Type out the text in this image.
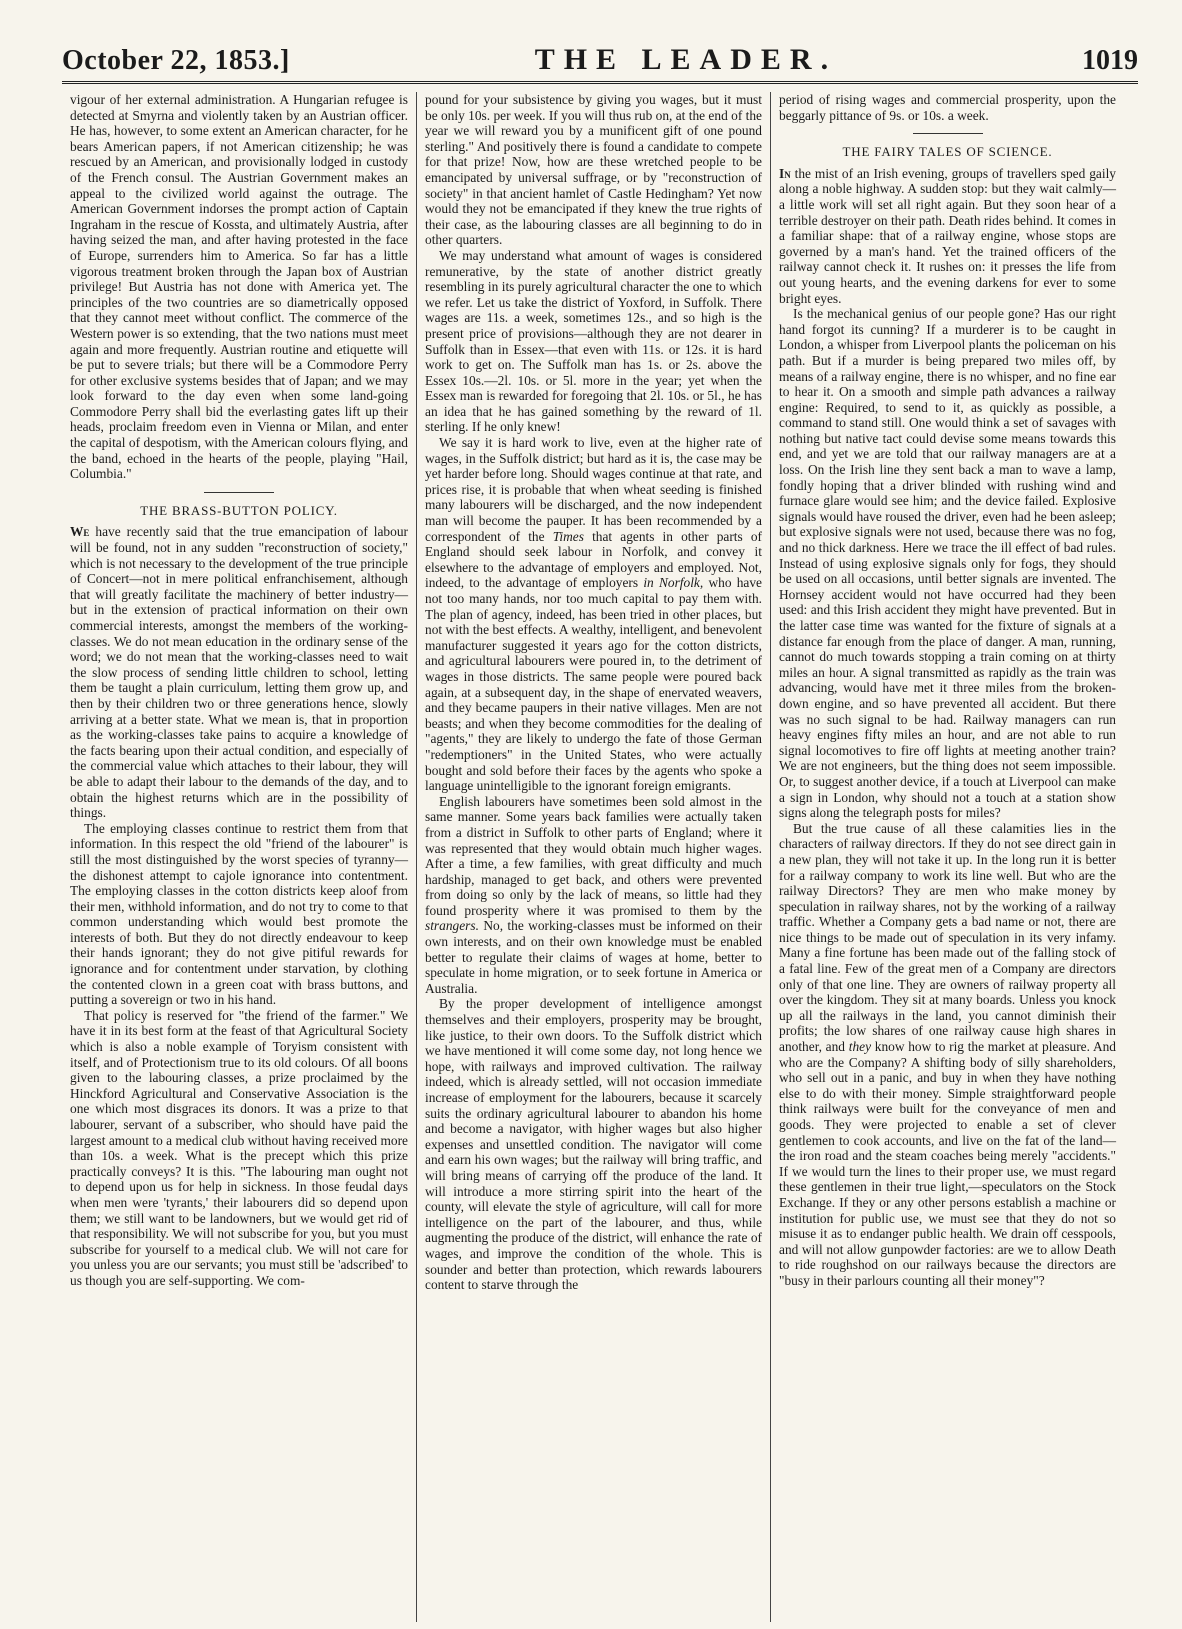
October 22, 1853.]	THE LEADER.	1019

vigour of her external administration. A Hungarian refugee is detected at Smyrna and violently taken by an Austrian officer. He has, however, to some extent an American character, for he bears American papers, if not American citizenship; he was rescued by an American, and provisionally lodged in custody of the French consul. The Austrian Government makes an appeal to the civilized world against the outrage. The American Government indorses the prompt action of Captain Ingraham in the rescue of Kossta, and ultimately Austria, after having seized the man, and after having protested in the face of Europe, surrenders him to America. So far has a little vigorous treatment broken through the Japan box of Austrian privilege! But Austria has not done with America yet. The principles of the two countries are so diametrically opposed that they cannot meet without conflict. The commerce of the Western power is so extending, that the two nations must meet again and more frequently. Austrian routine and etiquette will be put to severe trials; but there will be a Commodore Perry for other exclusive systems besides that of Japan; and we may look forward to the day even when some land-going Commodore Perry shall bid the everlasting gates lift up their heads, proclaim freedom even in Vienna or Milan, and enter the capital of despotism, with the American colours flying, and the band, echoed in the hearts of the people, playing "Hail, Columbia."

THE BRASS-BUTTON POLICY.

We have recently said that the true emancipation of labour will be found, not in any sudden "reconstruction of society," which is not necessary to the development of the true principle of Concert—not in mere political enfranchisement, although that will greatly facilitate the machinery of better industry—but in the extension of practical information on their own commercial interests, amongst the members of the working-classes. We do not mean education in the ordinary sense of the word; we do not mean that the working-classes need to wait the slow process of sending little children to school, letting them be taught a plain curriculum, letting them grow up, and then by their children two or three generations hence, slowly arriving at a better state. What we mean is, that in proportion as the working-classes take pains to acquire a knowledge of the facts bearing upon their actual condition, and especially of the commercial value which attaches to their labour, they will be able to adapt their labour to the demands of the day, and to obtain the highest returns which are in the possibility of things.

The employing classes continue to restrict them from that information. In this respect the old "friend of the labourer" is still the most distinguished by the worst species of tyranny—the dishonest attempt to cajole ignorance into contentment. The employing classes in the cotton districts keep aloof from their men, withhold information, and do not try to come to that common understanding which would best promote the interests of both. But they do not directly endeavour to keep their hands ignorant; they do not give pitiful rewards for ignorance and for contentment under starvation, by clothing the contented clown in a green coat with brass buttons, and putting a sovereign or two in his hand.

That policy is reserved for "the friend of the farmer." We have it in its best form at the feast of that Agricultural Society which is also a noble example of Toryism consistent with itself, and of Protectionism true to its old colours. Of all boons given to the labouring classes, a prize proclaimed by the Hinckford Agricultural and Conservative Association is the one which most disgraces its donors. It was a prize to that labourer, servant of a subscriber, who should have paid the largest amount to a medical club without having received more than 10s. a week. What is the precept which this prize practically conveys? It is this. "The labouring man ought not to depend upon us for help in sickness. In those feudal days when men were 'tyrants,' their labourers did so depend upon them; we still want to be landowners, but we would get rid of that responsibility. We will not subscribe for you, but you must subscribe for yourself to a medical club. We will not care for you unless you are our servants; you must still be 'adscribed' to us though you are self-supporting. We com-

pound for your subsistence by giving you wages, but it must be only 10s. per week. If you will thus rub on, at the end of the year we will reward you by a munificent gift of one pound sterling." And positively there is found a candidate to compete for that prize! Now, how are these wretched people to be emancipated by universal suffrage, or by "reconstruction of society" in that ancient hamlet of Castle Hedingham? Yet now would they not be emancipated if they knew the true rights of their case, as the labouring classes are all beginning to do in other quarters.

We may understand what amount of wages is considered remunerative, by the state of another district greatly resembling in its purely agricultural character the one to which we refer. Let us take the district of Yoxford, in Suffolk. There wages are 11s. a week, sometimes 12s., and so high is the present price of provisions—although they are not dearer in Suffolk than in Essex—that even with 11s. or 12s. it is hard work to get on. The Suffolk man has 1s. or 2s. above the Essex 10s.—2l. 10s. or 5l. more in the year; yet when the Essex man is rewarded for foregoing that 2l. 10s. or 5l., he has an idea that he has gained something by the reward of 1l. sterling. If he only knew!

We say it is hard work to live, even at the higher rate of wages, in the Suffolk district; but hard as it is, the case may be yet harder before long. Should wages continue at that rate, and prices rise, it is probable that when wheat seeding is finished many labourers will be discharged, and the now independent man will become the pauper. It has been recommended by a correspondent of the Times that agents in other parts of England should seek labour in Norfolk, and convey it elsewhere to the advantage of employers and employed. Not, indeed, to the advantage of employers in Norfolk, who have not too many hands, nor too much capital to pay them with. The plan of agency, indeed, has been tried in other places, but not with the best effects. A wealthy, intelligent, and benevolent manufacturer suggested it years ago for the cotton districts, and agricultural labourers were poured in, to the detriment of wages in those districts. The same people were poured back again, at a subsequent day, in the shape of enervated weavers, and they became paupers in their native villages. Men are not beasts; and when they become commodities for the dealing of "agents," they are likely to undergo the fate of those German "redemptioners" in the United States, who were actually bought and sold before their faces by the agents who spoke a language unintelligible to the ignorant foreign emigrants.

English labourers have sometimes been sold almost in the same manner. Some years back families were actually taken from a district in Suffolk to other parts of England; where it was represented that they would obtain much higher wages. After a time, a few families, with great difficulty and much hardship, managed to get back, and others were prevented from doing so only by the lack of means, so little had they found prosperity where it was promised to them by the strangers. No, the working-classes must be informed on their own interests, and on their own knowledge must be enabled better to regulate their claims of wages at home, better to speculate in home migration, or to seek fortune in America or Australia.

By the proper development of intelligence amongst themselves and their employers, prosperity may be brought, like justice, to their own doors. To the Suffolk district which we have mentioned it will come some day, not long hence we hope, with railways and improved cultivation. The railway indeed, which is already settled, will not occasion immediate increase of employment for the labourers, because it scarcely suits the ordinary agricultural labourer to abandon his home and become a navigator, with higher wages but also higher expenses and unsettled condition. The navigator will come and earn his own wages; but the railway will bring traffic, and will bring means of carrying off the produce of the land. It will introduce a more stirring spirit into the heart of the county, will elevate the style of agriculture, will call for more intelligence on the part of the labourer, and thus, while augmenting the produce of the district, will enhance the rate of wages, and improve the condition of the whole. This is sounder and better than protection, which rewards labourers content to starve through the

period of rising wages and commercial prosperity, upon the beggarly pittance of 9s. or 10s. a week.

THE FAIRY TALES OF SCIENCE.

In the mist of an Irish evening, groups of travellers sped gaily along a noble highway. A sudden stop: but they wait calmly—a little work will set all right again. But they soon hear of a terrible destroyer on their path. Death rides behind. It comes in a familiar shape: that of a railway engine, whose stops are governed by a man's hand. Yet the trained officers of the railway cannot check it. It rushes on: it presses the life from out young hearts, and the evening darkens for ever to some bright eyes.

Is the mechanical genius of our people gone? Has our right hand forgot its cunning? If a murderer is to be caught in London, a whisper from Liverpool plants the policeman on his path. But if a murder is being prepared two miles off, by means of a railway engine, there is no whisper, and no fine ear to hear it. On a smooth and simple path advances a railway engine: Required, to send to it, as quickly as possible, a command to stand still. One would think a set of savages with nothing but native tact could devise some means towards this end, and yet we are told that our railway managers are at a loss. On the Irish line they sent back a man to wave a lamp, fondly hoping that a driver blinded with rushing wind and furnace glare would see him; and the device failed. Explosive signals would have roused the driver, even had he been asleep; but explosive signals were not used, because there was no fog, and no thick darkness. Here we trace the ill effect of bad rules. Instead of using explosive signals only for fogs, they should be used on all occasions, until better signals are invented. The Hornsey accident would not have occurred had they been used: and this Irish accident they might have prevented. But in the latter case time was wanted for the fixture of signals at a distance far enough from the place of danger. A man, running, cannot do much towards stopping a train coming on at thirty miles an hour. A signal transmitted as rapidly as the train was advancing, would have met it three miles from the broken-down engine, and so have prevented all accident. But there was no such signal to be had. Railway managers can run heavy engines fifty miles an hour, and are not able to run signal locomotives to fire off lights at meeting another train? We are not engineers, but the thing does not seem impossible. Or, to suggest another device, if a touch at Liverpool can make a sign in London, why should not a touch at a station show signs along the telegraph posts for miles?

But the true cause of all these calamities lies in the characters of railway directors. If they do not see direct gain in a new plan, they will not take it up. In the long run it is better for a railway company to work its line well. But who are the railway Directors? They are men who make money by speculation in railway shares, not by the working of a railway traffic. Whether a Company gets a bad name or not, there are nice things to be made out of speculation in its very infamy. Many a fine fortune has been made out of the falling stock of a fatal line. Few of the great men of a Company are directors only of that one line. They are owners of railway property all over the kingdom. They sit at many boards. Unless you knock up all the railways in the land, you cannot diminish their profits; the low shares of one railway cause high shares in another, and they know how to rig the market at pleasure. And who are the Company? A shifting body of silly shareholders, who sell out in a panic, and buy in when they have nothing else to do with their money. Simple straightforward people think railways were built for the conveyance of men and goods. They were projected to enable a set of clever gentlemen to cook accounts, and live on the fat of the land—the iron road and the steam coaches being merely "accidents." If we would turn the lines to their proper use, we must regard these gentlemen in their true light,—speculators on the Stock Exchange. If they or any other persons establish a machine or institution for public use, we must see that they do not so misuse it as to endanger public health. We drain off cesspools, and will not allow gunpowder factories: are we to allow Death to ride roughshod on our railways because the directors are "busy in their parlours counting all their money"?
